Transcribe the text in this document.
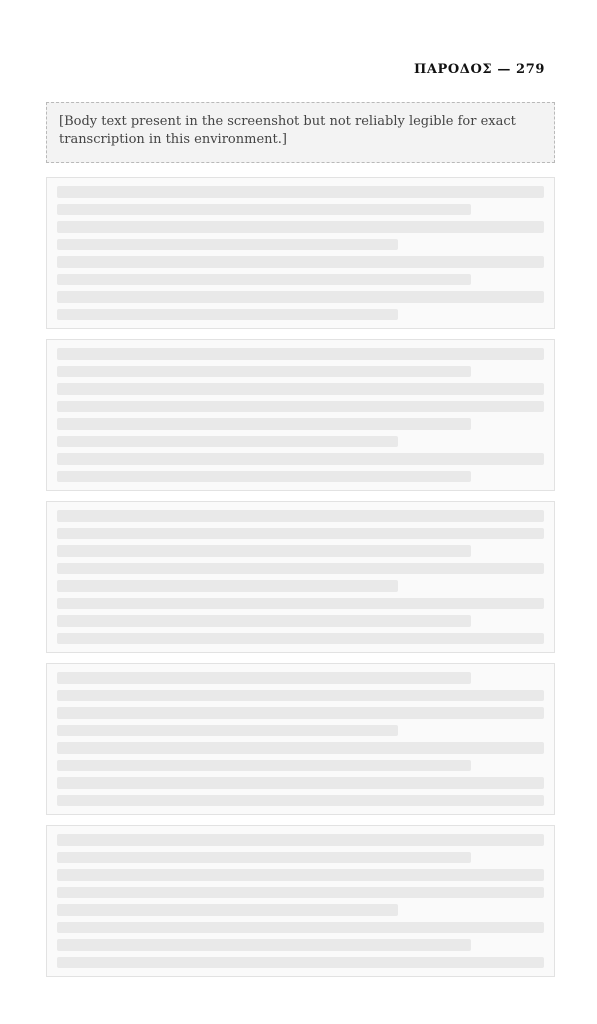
ΠΑΡΟΔΟΣ — 279
[Body text present in the screenshot but not reliably legible for exact transcription in this environment.]
